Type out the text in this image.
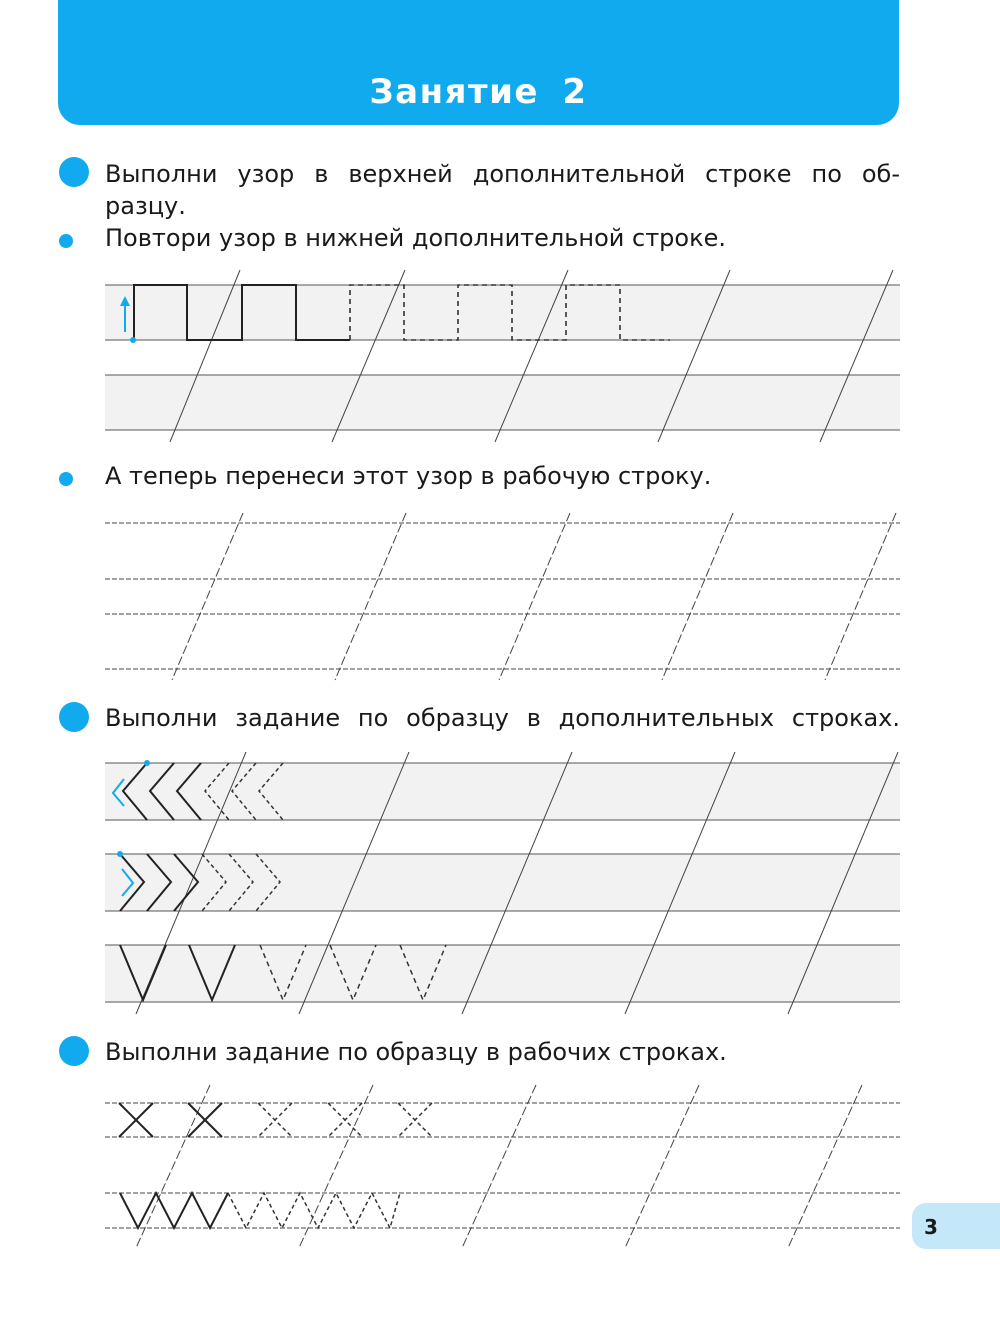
Занятие 2
Выполни узор в верхней дополнительной строке по об-
разцу.
Повтори узор в нижней дополнительной строке.
А теперь перенеси этот узор в рабочую строку.
Выполни задание по образцу в дополнительных строках.
Выполни задание по образцу в рабочих строках.
3
